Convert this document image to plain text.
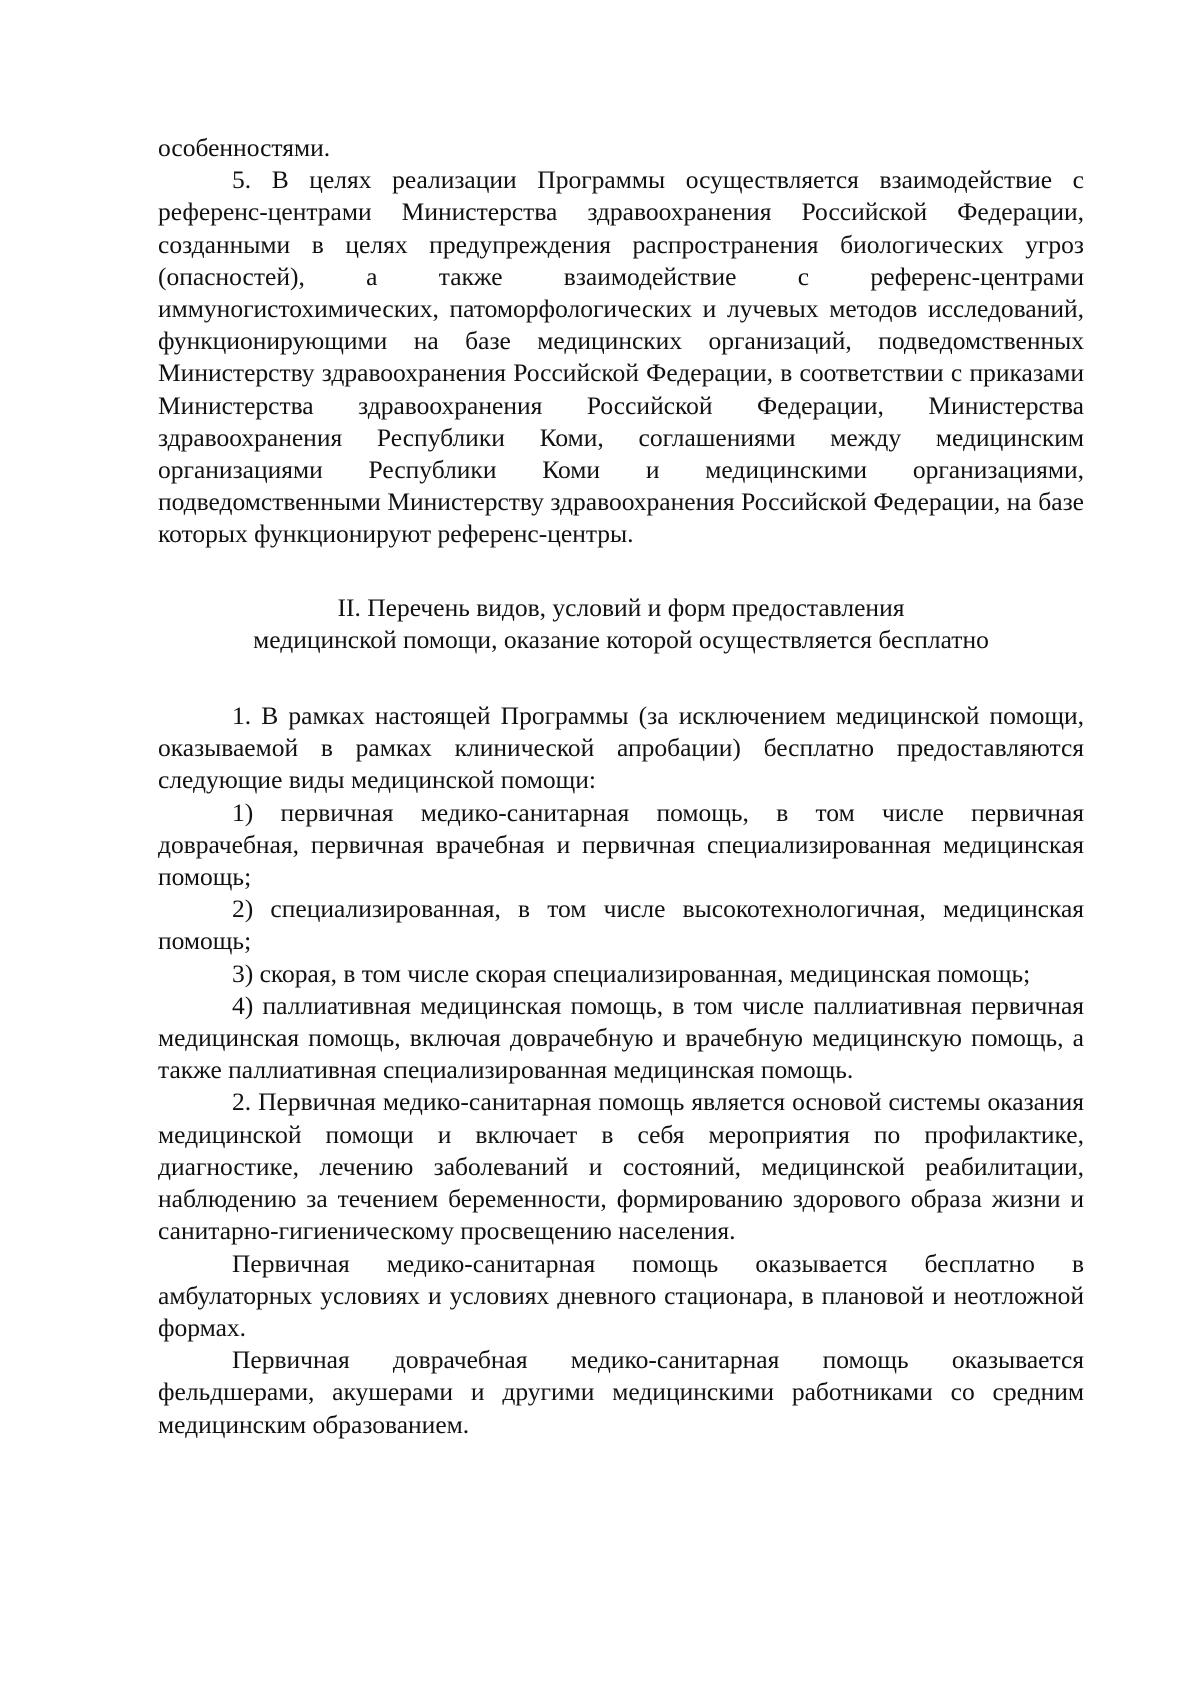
особенностями.

5. В целях реализации Программы осуществляется взаимодействие с референс-центрами Министерства здравоохранения Российской Федерации, созданными в целях предупреждения распространения биологических угроз (опасностей), а также взаимодействие с референс-центрами иммуногистохимических, патоморфологических и лучевых методов исследований, функционирующими на базе медицинских организаций, подведомственных Министерству здравоохранения Российской Федерации, в соответствии с приказами Министерства здравоохранения Российской Федерации, Министерства здравоохранения Республики Коми, соглашениями между медицинским организациями Республики Коми и медицинскими организациями, подведомственными Министерству здравоохранения Российской Федерации, на базе которых функционируют референс-центры.

II. Перечень видов, условий и форм предоставления
медицинской помощи, оказание которой осуществляется бесплатно

1. В рамках настоящей Программы (за исключением медицинской помощи, оказываемой в рамках клинической апробации) бесплатно предоставляются следующие виды медицинской помощи:

1) первичная медико-санитарная помощь, в том числе первичная доврачебная, первичная врачебная и первичная специализированная медицинская помощь;

2) специализированная, в том числе высокотехнологичная, медицинская помощь;

3) скорая, в том числе скорая специализированная, медицинская помощь;

4) паллиативная медицинская помощь, в том числе паллиативная первичная медицинская помощь, включая доврачебную и врачебную медицинскую помощь, а также паллиативная специализированная медицинская помощь.

2. Первичная медико-санитарная помощь является основой системы оказания медицинской помощи и включает в себя мероприятия по профилактике, диагностике, лечению заболеваний и состояний, медицинской реабилитации, наблюдению за течением беременности, формированию здорового образа жизни и санитарно-гигиеническому просвещению населения.

Первичная медико-санитарная помощь оказывается бесплатно в амбулаторных условиях и условиях дневного стационара, в плановой и неотложной формах.

Первичная доврачебная медико-санитарная помощь оказывается фельдшерами, акушерами и другими медицинскими работниками со средним медицинским образованием.
